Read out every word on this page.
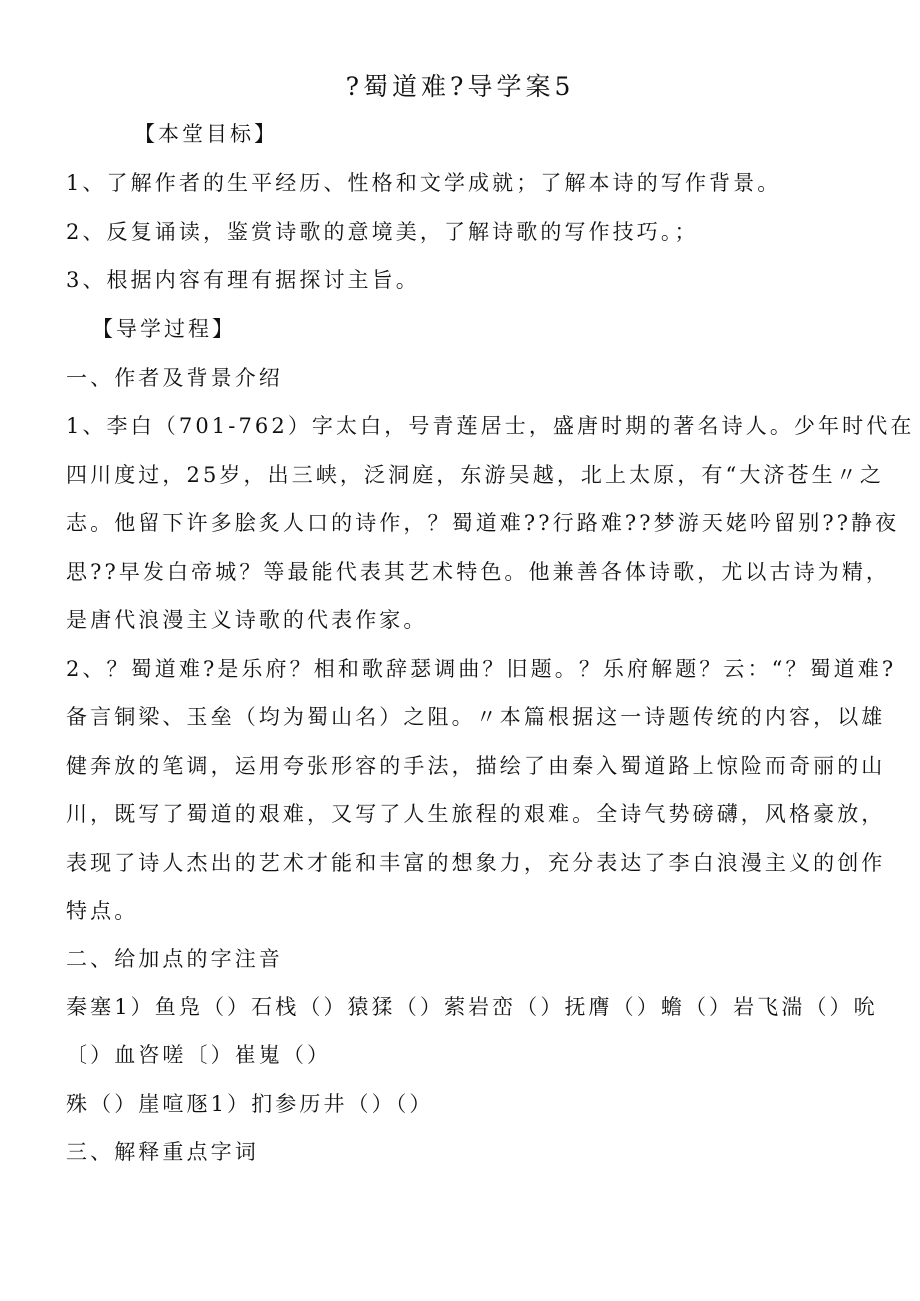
?蜀道难?导学案5
【本堂目标】
1、了解作者的生平经历、性格和文学成就；了解本诗的写作背景。
2、反复诵读，鉴赏诗歌的意境美，了解诗歌的写作技巧。；
3、根据内容有理有据探讨主旨。
【导学过程】
一、作者及背景介绍
1、李白（701-762）字太白，号青莲居士，盛唐时期的著名诗人。少年时代在
四川度过，25岁，出三峡，泛洞庭，东游吴越，北上太原，有“大济苍生〃之
志。他留下许多脍炙人口的诗作，？蜀道难??行路难??梦游天姥吟留别??静夜
思??早发白帝城？等最能代表其艺术特色。他兼善各体诗歌，尤以古诗为精，
是唐代浪漫主义诗歌的代表作家。
2、？蜀道难?是乐府？相和歌辞瑟调曲？旧题。？乐府解题？云：“？蜀道难?
备言铜梁、玉垒（均为蜀山名）之阻。〃本篇根据这一诗题传统的内容，以雄
健奔放的笔调，运用夸张形容的手法，描绘了由秦入蜀道路上惊险而奇丽的山
川，既写了蜀道的艰难，又写了人生旅程的艰难。全诗气势磅礴，风格豪放，
表现了诗人杰出的艺术才能和丰富的想象力，充分表达了李白浪漫主义的创作
特点。
二、给加点的字注音
秦塞1）鱼凫（）石栈（）猿猱（）萦岩峦（）抚膺（）蟾（）岩飞湍（）吮
〔）血咨嗟〔）崔嵬（）
殊（）崖喧豗1）扪参历井（）（）
三、解释重点字词
